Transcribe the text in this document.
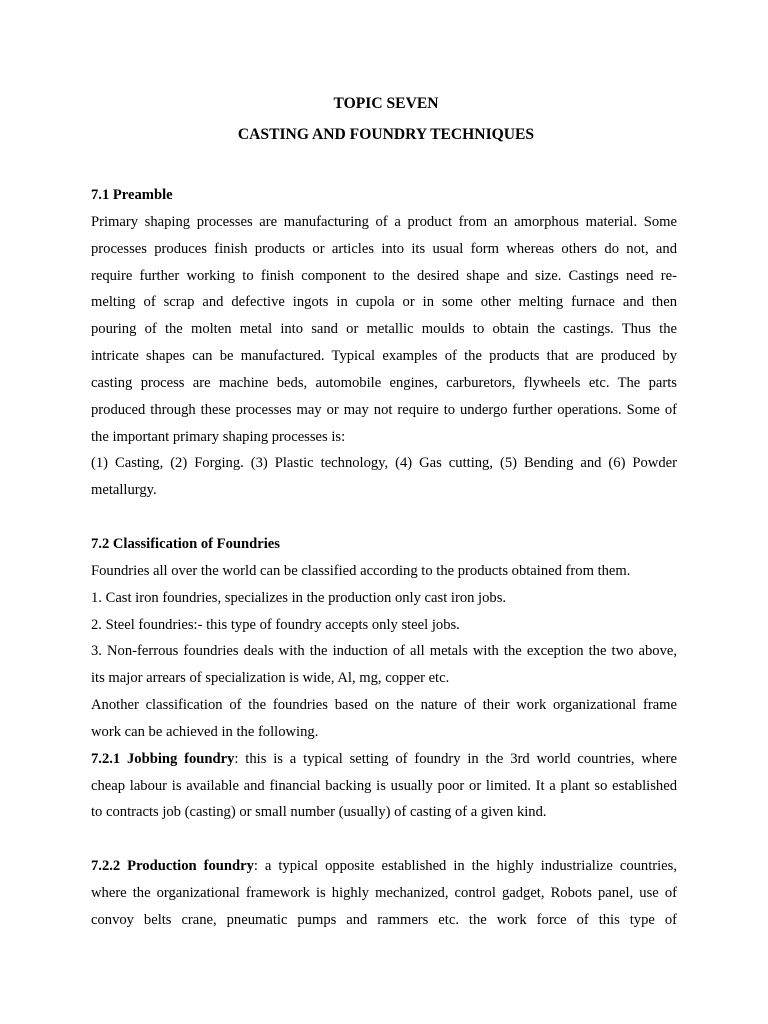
TOPIC SEVEN
CASTING AND FOUNDRY TECHNIQUES
7.1 Preamble
Primary shaping processes are manufacturing of a product from an amorphous material. Some
processes produces finish products or articles into its usual form whereas others do not, and
require further working to finish component to the desired shape and size. Castings need re-
melting of scrap and defective ingots in cupola or in some other melting furnace and then
pouring of the molten metal into sand or metallic moulds to obtain the castings. Thus the
intricate shapes can be manufactured. Typical examples of the products that are produced by
casting process are machine beds, automobile engines, carburetors, flywheels etc. The parts
produced through these processes may or may not require to undergo further operations. Some of
the important primary shaping processes is:
(1) Casting, (2) Forging. (3) Plastic technology, (4) Gas cutting, (5) Bending and (6) Powder
metallurgy.
7.2 Classification of Foundries
Foundries all over the world can be classified according to the products obtained from them.
1. Cast iron foundries, specializes in the production only cast iron jobs.
2. Steel foundries:- this type of foundry accepts only steel jobs.
3. Non-ferrous foundries deals with the induction of all metals with the exception the two above,
its major arrears of specialization is wide, Al, mg, copper etc.
Another classification of the foundries based on the nature of their work organizational frame
work can be achieved in the following.
7.2.1 Jobbing foundry: this is a typical setting of foundry in the 3rd world countries, where
cheap labour is available and financial backing is usually poor or limited. It a plant so established
to contracts job (casting) or small number (usually) of casting of a given kind.
7.2.2 Production foundry: a typical opposite established in the highly industrialize countries,
where the organizational framework is highly mechanized, control gadget, Robots panel, use of
convoy belts crane, pneumatic pumps and rammers etc. the work force of this type of
